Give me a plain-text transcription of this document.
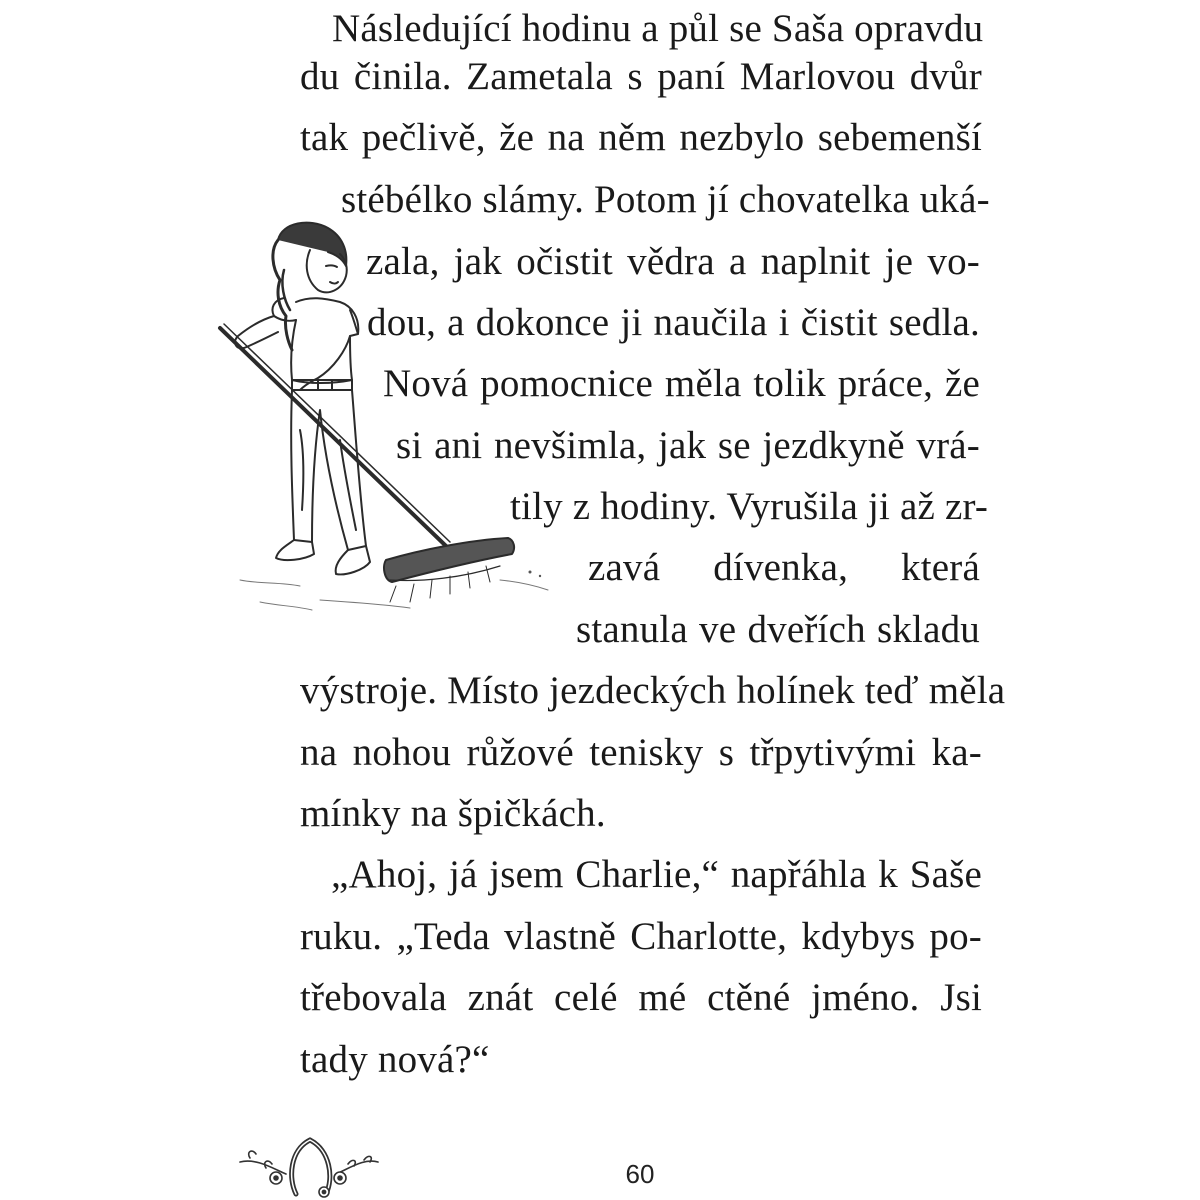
Následující hodinu a půl se Saša opravdu
du činila. Zametala s paní Marlovou dvůr
tak pečlivě, že na něm nezbylo sebemenší
stébélko slámy. Potom jí chovatelka uká-
zala, jak očistit vědra a naplnit je vo-
dou, a dokonce ji naučila i čistit sedla.
Nová pomocnice měla tolik práce, že
si ani nevšimla, jak se jezdkyně vrá-
tily z hodiny. Vyrušila ji až zr-
zavá dívenka, která
stanula ve dveřích skladu
výstroje. Místo jezdeckých holínek teď měla
na nohou růžové tenisky s třpytivými ka-
mínky na špičkách.
„Ahoj, já jsem Charlie,“ napřáhla k Saše
ruku. „Teda vlastně Charlotte, kdybys po-
třebovala znát celé mé ctěné jméno. Jsi
tady nová?“
60
